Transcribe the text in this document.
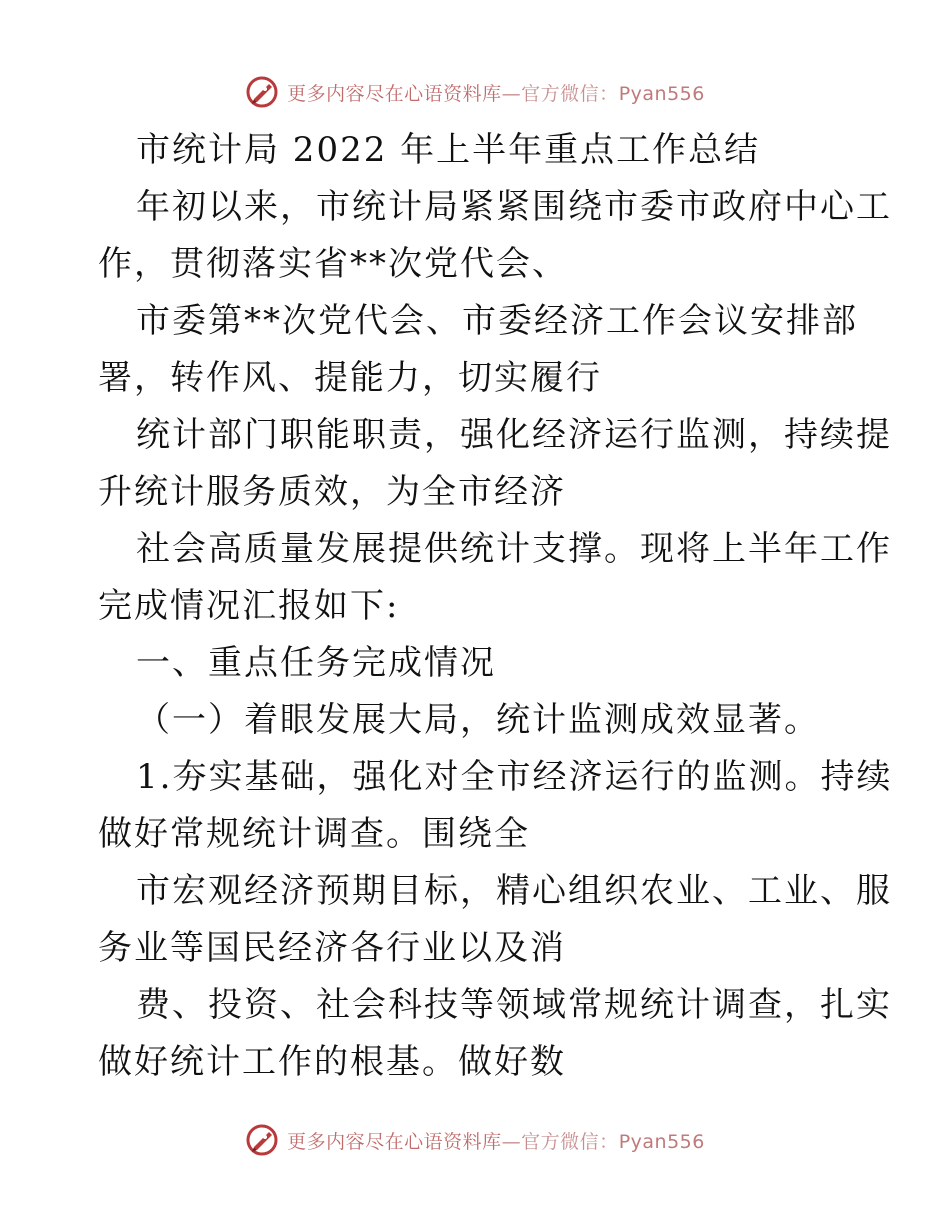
更多内容尽在心语资料库—官方微信：Pyan556
市统计局 2022 年上半年重点工作总结
年初以来，市统计局紧紧围绕市委市政府中心工
作，贯彻落实省**次党代会、
市委第**次党代会、市委经济工作会议安排部
署，转作风、提能力，切实履行
统计部门职能职责，强化经济运行监测，持续提
升统计服务质效，为全市经济
社会高质量发展提供统计支撑。现将上半年工作
完成情况汇报如下:
一、重点任务完成情况
（一）着眼发展大局，统计监测成效显著。
1.夯实基础，强化对全市经济运行的监测。持续
做好常规统计调查。围绕全
市宏观经济预期目标，精心组织农业、工业、服
务业等国民经济各行业以及消
费、投资、社会科技等领域常规统计调查，扎实
做好统计工作的根基。做好数
更多内容尽在心语资料库—官方微信：Pyan556
